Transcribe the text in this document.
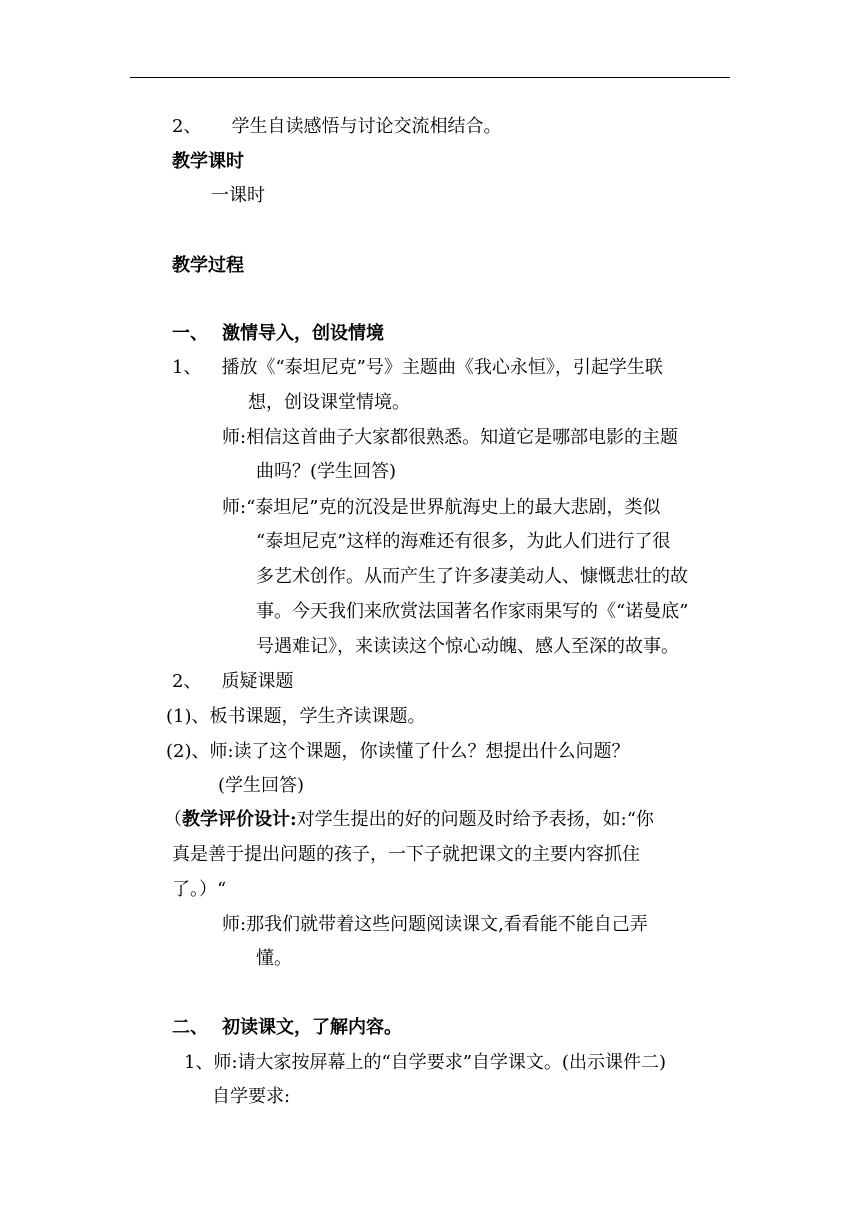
2、 学生自读感悟与讨论交流相结合。
教学课时
一课时
教学过程
一、 激情导入，创设情境
1、 播放《“泰坦尼克”号》主题曲《我心永恒》，引起学生联
想，创设课堂情境。
师:相信这首曲子大家都很熟悉。知道它是哪部电影的主题
曲吗？(学生回答)
师:“泰坦尼”克的沉没是世界航海史上的最大悲剧，类似
“泰坦尼克”这样的海难还有很多，为此人们进行了很
多艺术创作。从而产生了许多凄美动人、慷慨悲壮的故
事。今天我们来欣赏法国著名作家雨果写的《“诺曼底”
号遇难记》，来读读这个惊心动魄、感人至深的故事。
2、 质疑课题
(1)、板书课题，学生齐读课题。
(2)、师:读了这个课题，你读懂了什么？想提出什么问题？
(学生回答)
（教学评价设计:对学生提出的好的问题及时给予表扬，如:“你
真是善于提出问题的孩子，一下子就把课文的主要内容抓住
了。）“
师:那我们就带着这些问题阅读课文,看看能不能自己弄
懂。
二、 初读课文，了解内容。
1、师:请大家按屏幕上的“自学要求”自学课文。(出示课件二)
自学要求:
